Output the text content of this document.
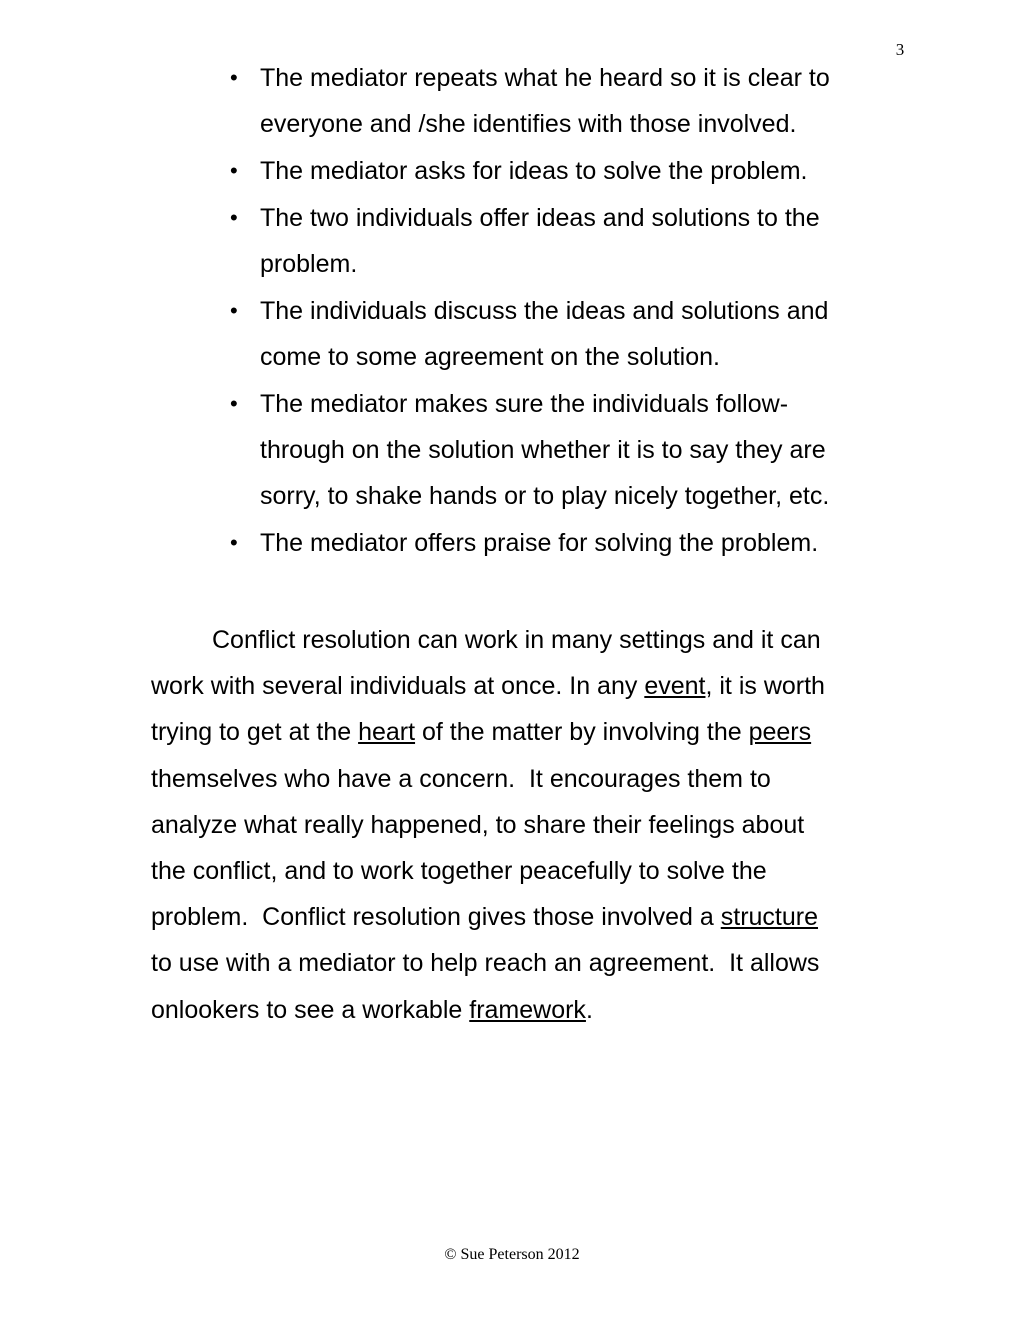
3
• The mediator repeats what he heard so it is clear to
everyone and /she identifies with those involved.
• The mediator asks for ideas to solve the problem.
• The two individuals offer ideas and solutions to the
problem.
• The individuals discuss the ideas and solutions and
come to some agreement on the solution.
• The mediator makes sure the individuals follow-
through on the solution whether it is to say they are
sorry, to shake hands or to play nicely together, etc.
• The mediator offers praise for solving the problem.
Conflict resolution can work in many settings and it can
work with several individuals at once. In any event, it is worth
trying to get at the heart of the matter by involving the peers
themselves who have a concern.  It encourages them to
analyze what really happened, to share their feelings about
the conflict, and to work together peacefully to solve the
problem.  Conflict resolution gives those involved a structure
to use with a mediator to help reach an agreement.  It allows
onlookers to see a workable framework.
© Sue Peterson 2012
